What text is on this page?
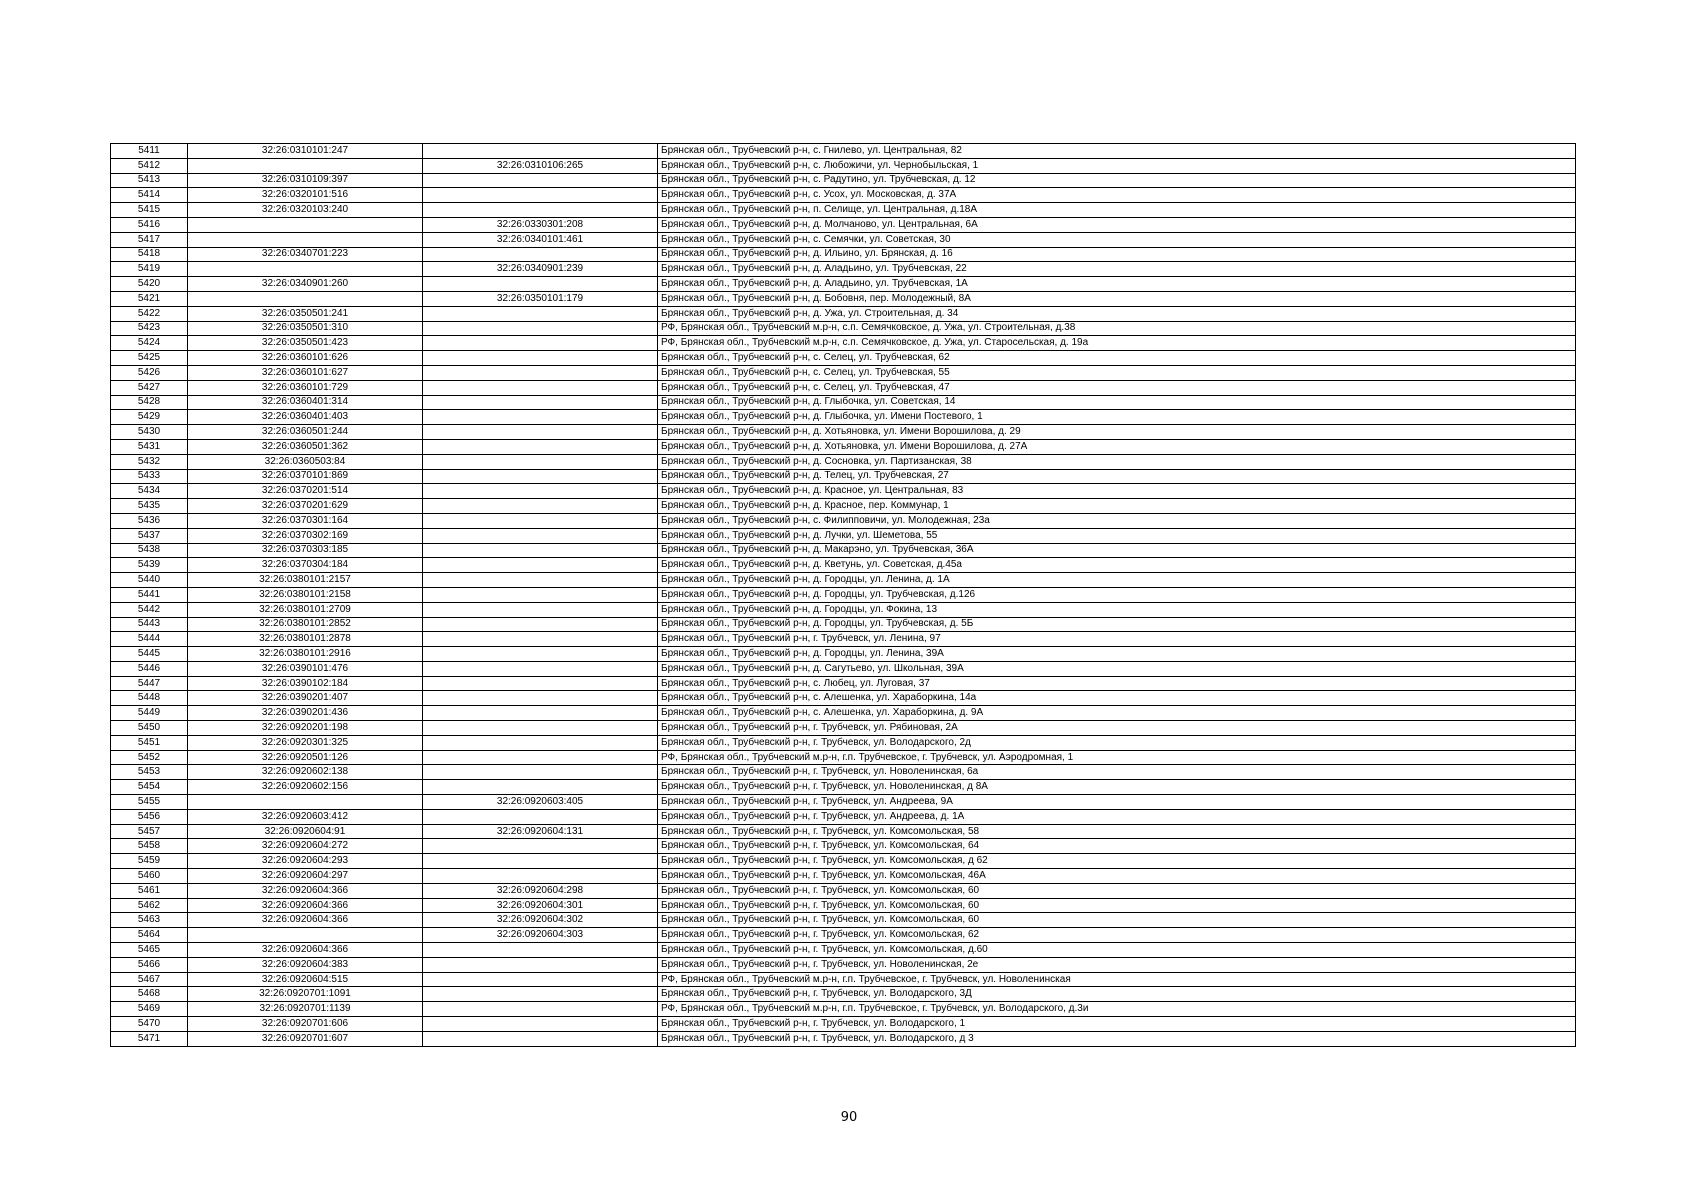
5411	32:26:0310101:247		Брянская обл., Трубчевский р-н, с. Гнилево, ул. Центральная, 82
5412		32:26:0310106:265	Брянская обл., Трубчевский р-н, с. Любожичи, ул. Чернобыльская, 1
5413	32:26:0310109:397		Брянская обл., Трубчевский р-н, с. Радутино, ул. Трубчевская, д. 12
5414	32:26:0320101:516		Брянская обл., Трубчевский р-н, с. Усох, ул. Московская, д. 37А
5415	32:26:0320103:240		Брянская обл., Трубчевский р-н, п. Селище, ул. Центральная, д.18А
5416		32:26:0330301:208	Брянская обл., Трубчевский р-н, д. Молчаново, ул. Центральная, 6А
5417		32:26:0340101:461	Брянская обл., Трубчевский р-н, с. Семячки, ул. Советская, 30
5418	32:26:0340701:223		Брянская обл., Трубчевский р-н, д. Ильино, ул. Брянская, д. 16
5419		32:26:0340901:239	Брянская обл., Трубчевский р-н, д. Аладьино, ул. Трубчевская, 22
5420	32:26:0340901:260		Брянская обл., Трубчевский р-н, д. Аладьино, ул. Трубчевская, 1А
5421		32:26:0350101:179	Брянская обл., Трубчевский р-н, д. Бобовня, пер. Молодежный, 8А
5422	32:26:0350501:241		Брянская обл., Трубчевский р-н, д. Ужа, ул. Строительная, д. 34
5423	32:26:0350501:310		РФ, Брянская обл., Трубчевский м.р-н, с.п. Семячковское, д. Ужа, ул. Строительная, д.38
5424	32:26:0350501:423		РФ, Брянская обл., Трубчевский м.р-н, с.п. Семячковское, д. Ужа, ул. Старосельская, д. 19а
5425	32:26:0360101:626		Брянская обл., Трубчевский р-н, с. Селец, ул. Трубчевская, 62
5426	32:26:0360101:627		Брянская обл., Трубчевский р-н, с. Селец, ул. Трубчевская, 55
5427	32:26:0360101:729		Брянская обл., Трубчевский р-н, с. Селец, ул. Трубчевская, 47
5428	32:26:0360401:314		Брянская обл., Трубчевский р-н, д. Глыбочка, ул. Советская, 14
5429	32:26:0360401:403		Брянская обл., Трубчевский р-н, д. Глыбочка, ул. Имени Постевого, 1
5430	32:26:0360501:244		Брянская обл., Трубчевский р-н, д. Хотьяновка, ул. Имени Ворошилова, д. 29
5431	32:26:0360501:362		Брянская обл., Трубчевский р-н, д. Хотьяновка, ул. Имени Ворошилова, д. 27А
5432	32:26:0360503:84		Брянская обл., Трубчевский р-н, д. Сосновка, ул. Партизанская, 38
5433	32:26:0370101:869		Брянская обл., Трубчевский р-н, д. Телец, ул. Трубчевская, 27
5434	32:26:0370201:514		Брянская обл., Трубчевский р-н, д. Красное, ул. Центральная, 83
5435	32:26:0370201:629		Брянская обл., Трубчевский р-н, д. Красное, пер. Коммунар, 1
5436	32:26:0370301:164		Брянская обл., Трубчевский р-н, с. Филипповичи, ул. Молодежная, 23а
5437	32:26:0370302:169		Брянская обл., Трубчевский р-н, д. Лучки, ул. Шеметова, 55
5438	32:26:0370303:185		Брянская обл., Трубчевский р-н, д. Макарэно, ул. Трубчевская, 36А
5439	32:26:0370304:184		Брянская обл., Трубчевский р-н, д. Кветунь, ул. Советская, д.45а
5440	32:26:0380101:2157		Брянская обл., Трубчевский р-н, д. Городцы, ул. Ленина, д. 1А
5441	32:26:0380101:2158		Брянская обл., Трубчевский р-н, д. Городцы, ул. Трубчевская, д.126
5442	32:26:0380101:2709		Брянская обл., Трубчевский р-н, д. Городцы, ул. Фокина, 13
5443	32:26:0380101:2852		Брянская обл., Трубчевский р-н, д. Городцы, ул. Трубчевская, д. 5Б
5444	32:26:0380101:2878		Брянская обл., Трубчевский р-н, г. Трубчевск, ул. Ленина, 97
5445	32:26:0380101:2916		Брянская обл., Трубчевский р-н, д. Городцы, ул. Ленина, 39А
5446	32:26:0390101:476		Брянская обл., Трубчевский р-н, д. Сагутьево, ул. Школьная, 39А
5447	32:26:0390102:184		Брянская обл., Трубчевский р-н, с. Любец, ул. Луговая, 37
5448	32:26:0390201:407		Брянская обл., Трубчевский р-н, с. Алешенка, ул. Хараборкина, 14а
5449	32:26:0390201:436		Брянская обл., Трубчевский р-н, с. Алешенка, ул. Хараборкина, д. 9А
5450	32:26:0920201:198		Брянская обл., Трубчевский р-н, г. Трубчевск, ул. Рябиновая, 2А
5451	32:26:0920301:325		Брянская обл., Трубчевский р-н, г. Трубчевск, ул. Володарского, 2д
5452	32:26:0920501:126		РФ, Брянская обл., Трубчевский м.р-н, г.п. Трубчевское, г. Трубчевск, ул. Аэродромная, 1
5453	32:26:0920602:138		Брянская обл., Трубчевский р-н, г. Трубчевск, ул. Новоленинская, 6а
5454	32:26:0920602:156		Брянская обл., Трубчевский р-н, г. Трубчевск, ул. Новоленинская, д 8А
5455		32:26:0920603:405	Брянская обл., Трубчевский р-н, г. Трубчевск, ул. Андреева, 9А
5456	32:26:0920603:412		Брянская обл., Трубчевский р-н, г. Трубчевск, ул. Андреева, д. 1А
5457	32:26:0920604:91	32:26:0920604:131	Брянская обл., Трубчевский р-н, г. Трубчевск, ул. Комсомольская, 58
5458	32:26:0920604:272		Брянская обл., Трубчевский р-н, г. Трубчевск, ул. Комсомольская, 64
5459	32:26:0920604:293		Брянская обл., Трубчевский р-н, г. Трубчевск, ул. Комсомольская, д 62
5460	32:26:0920604:297		Брянская обл., Трубчевский р-н, г. Трубчевск, ул. Комсомольская, 46А
5461	32:26:0920604:366	32:26:0920604:298	Брянская обл., Трубчевский р-н, г. Трубчевск, ул. Комсомольская, 60
5462	32:26:0920604:366	32:26:0920604:301	Брянская обл., Трубчевский р-н, г. Трубчевск, ул. Комсомольская, 60
5463	32:26:0920604:366	32:26:0920604:302	Брянская обл., Трубчевский р-н, г. Трубчевск, ул. Комсомольская, 60
5464		32:26:0920604:303	Брянская обл., Трубчевский р-н, г. Трубчевск, ул. Комсомольская, 62
5465	32:26:0920604:366		Брянская обл., Трубчевский р-н, г. Трубчевск, ул. Комсомольская, д.60
5466	32:26:0920604:383		Брянская обл., Трубчевский р-н, г. Трубчевск, ул. Новоленинская, 2е
5467	32:26:0920604:515		РФ, Брянская обл., Трубчевский м.р-н, г.п. Трубчевское, г. Трубчевск, ул. Новоленинская
5468	32:26:0920701:1091		Брянская обл., Трубчевский р-н, г. Трубчевск, ул. Володарского, 3Д
5469	32:26:0920701:1139		РФ, Брянская обл., Трубчевский м.р-н, г.п. Трубчевское, г. Трубчевск, ул. Володарского, д.3и
5470	32:26:0920701:606		Брянская обл., Трубчевский р-н, г. Трубчевск, ул. Володарского, 1
5471	32:26:0920701:607		Брянская обл., Трубчевский р-н, г. Трубчевск, ул. Володарского, д 3
90
